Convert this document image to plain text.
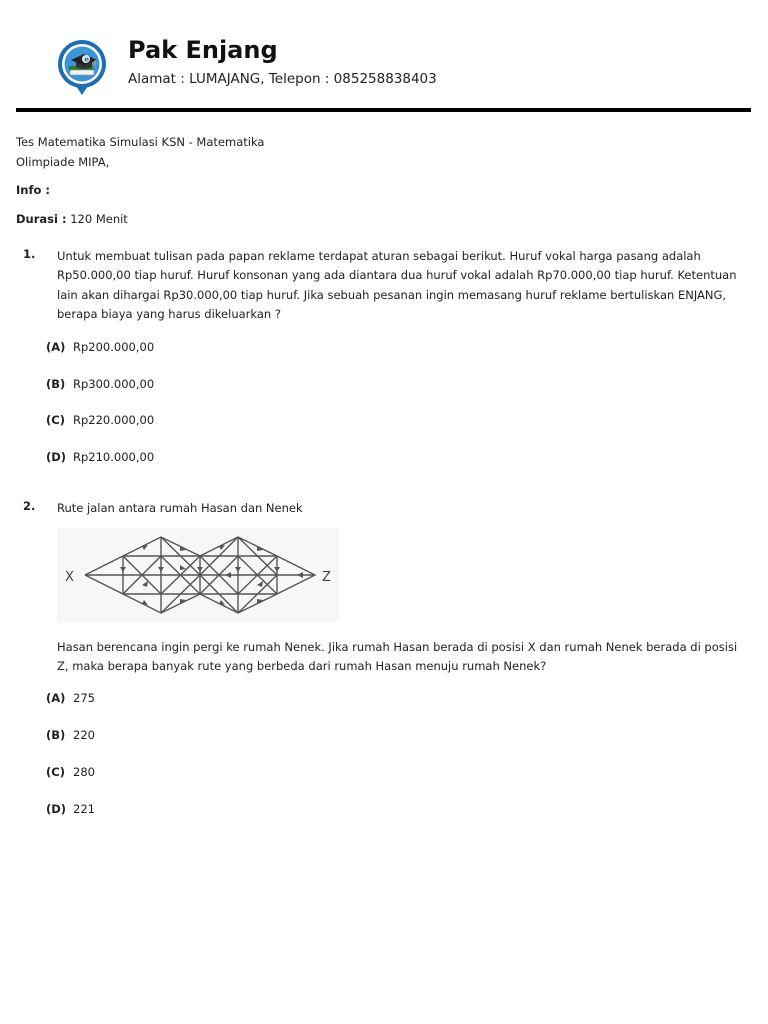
e Pak Enjang
Alamat : LUMAJANG, Telepon : 085258838403
Tes Matematika Simulasi KSN - Matematika
Olimpiade MIPA,
Info :
Durasi : 120 Menit
1. Untuk membuat tulisan pada papan reklame terdapat aturan sebagai berikut. Huruf vokal harga pasang adalah Rp50.000,00 tiap huruf. Huruf konsonan yang ada diantara dua huruf vokal adalah Rp70.000,00 tiap huruf. Ketentuan lain akan dihargai Rp30.000,00 tiap huruf. Jika sebuah pesanan ingin memasang huruf reklame bertuliskan ENJANG, berapa biaya yang harus dikeluarkan ?
(A) Rp200.000,00
(B) Rp300.000,00
(C) Rp220.000,00
(D) Rp210.000,00
2. Rute jalan antara rumah Hasan dan Nenek
X	Z
Hasan berencana ingin pergi ke rumah Nenek. Jika rumah Hasan berada di posisi X dan rumah Nenek berada di posisi Z, maka berapa banyak rute yang berbeda dari rumah Hasan menuju rumah Nenek?
(A) 275
(B) 220
(C) 280
(D) 221
